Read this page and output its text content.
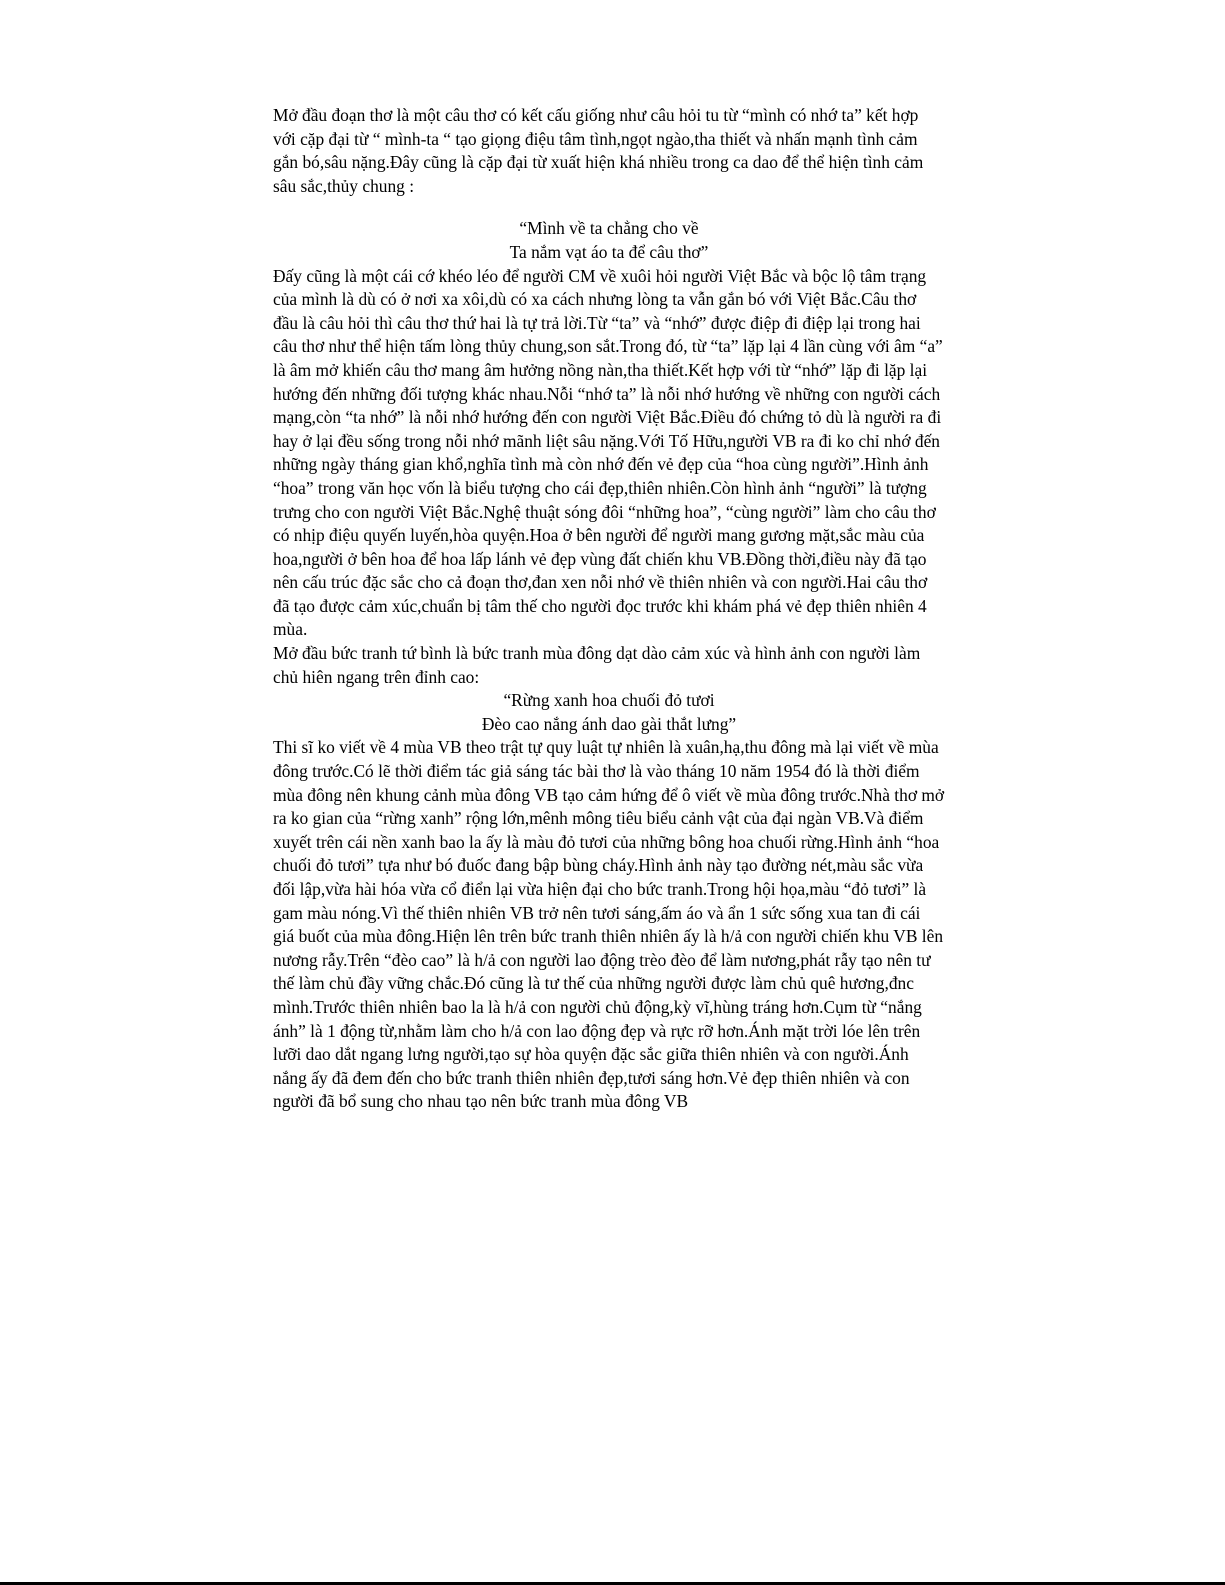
Mở đầu đoạn thơ là một câu thơ có kết cấu giống như câu hỏi tu từ “mình có nhớ ta” kết hợp với cặp đại từ “ mình-ta “ tạo giọng điệu tâm tình,ngọt ngào,tha thiết và nhấn mạnh tình cảm gắn bó,sâu nặng.Đây cũng là cặp đại từ xuất hiện khá nhiều trong ca dao để thể hiện tình cảm sâu sắc,thủy chung :

“Mình về ta chẳng cho về

Ta nắm vạt áo ta để câu thơ”

Đấy cũng là một cái cớ khéo léo để người CM về xuôi hỏi người Việt Bắc và bộc lộ tâm trạng của mình là dù có ở nơi xa xôi,dù có xa cách nhưng lòng ta vẫn gắn bó với Việt Bắc.Câu thơ đầu là câu hỏi thì câu thơ thứ hai là tự trả lời.Từ “ta” và “nhớ” được điệp đi điệp lại trong hai câu thơ như thể hiện tấm lòng thủy chung,son sắt.Trong đó, từ “ta” lặp lại 4 lần cùng với âm “a” là âm mở khiến câu thơ mang âm hưởng nồng nàn,tha thiết.Kết hợp với từ “nhớ” lặp đi lặp lại hướng đến những đối tượng khác nhau.Nỗi “nhớ ta” là nỗi nhớ hướng về những con người cách mạng,còn “ta nhớ” là nỗi nhớ hướng đến con người Việt Bắc.Điều đó chứng tỏ dù là người ra đi hay ở lại đều sống trong nỗi nhớ mãnh liệt sâu nặng.Với Tố Hữu,người VB ra đi ko chỉ nhớ đến những ngày tháng gian khổ,nghĩa tình mà còn nhớ đến vẻ đẹp của “hoa cùng người”.Hình ảnh “hoa” trong văn học vốn là biểu tượng cho cái đẹp,thiên nhiên.Còn hình ảnh “người” là tượng trưng cho con người Việt Bắc.Nghệ thuật sóng đôi “những hoa”, “cùng người” làm cho câu thơ có nhịp điệu quyến luyến,hòa quyện.Hoa ở bên người để người mang gương mặt,sắc màu của hoa,người ở bên hoa để hoa lấp lánh vẻ đẹp vùng đất chiến khu VB.Đồng thời,điều này đã tạo nên cấu trúc đặc sắc cho cả đoạn thơ,đan xen nỗi nhớ về thiên nhiên và con người.Hai câu thơ đã tạo được cảm xúc,chuẩn bị tâm thế cho người đọc trước khi khám phá vẻ đẹp thiên nhiên 4 mùa.

Mở đầu bức tranh tứ bình là bức tranh mùa đông dạt dào cảm xúc và hình ảnh con người làm chủ hiên ngang trên đỉnh cao:

“Rừng xanh hoa chuối đỏ tươi

Đèo cao nắng ánh dao gài thắt lưng”

Thi sĩ ko viết về 4 mùa VB theo trật tự quy luật tự nhiên là xuân,hạ,thu đông mà lại viết về mùa đông trước.Có lẽ thời điểm tác giả sáng tác bài thơ là vào tháng 10 năm 1954 đó là thời điểm mùa đông nên khung cảnh mùa đông VB tạo cảm hứng để ô viết về mùa đông trước.Nhà thơ mở ra ko gian của “rừng xanh” rộng lớn,mênh mông tiêu biểu cảnh vật của đại ngàn VB.Và điểm xuyết trên cái nền xanh bao la ấy là màu đỏ tươi của những bông hoa chuối rừng.Hình ảnh “hoa chuối đỏ tươi” tựa như bó đuốc đang bập bùng cháy.Hình ảnh này tạo đường nét,màu sắc vừa đối lập,vừa hài hóa vừa cổ điển lại vừa hiện đại cho bức tranh.Trong hội họa,màu “đỏ tươi” là gam màu nóng.Vì thế thiên nhiên VB trở nên tươi sáng,ấm áo và ẩn 1 sức sống xua tan đi cái giá buốt của mùa đông.Hiện lên trên bức tranh thiên nhiên ấy là h/ả con người chiến khu VB lên nương rẫy.Trên “đèo cao” là h/ả con người lao động trèo đèo để làm nương,phát rẫy tạo nên tư thế làm chủ đầy vững chắc.Đó cũng là tư thế của những người được làm chủ quê hương,đnc mình.Trước thiên nhiên bao la là h/ả con người chủ động,kỳ vĩ,hùng tráng hơn.Cụm từ “nắng ánh” là 1 động từ,nhằm làm cho h/ả con lao động đẹp và rực rỡ hơn.Ánh mặt trời lóe lên trên lưỡi dao dắt ngang lưng người,tạo sự hòa quyện đặc sắc giữa thiên nhiên và con người.Ánh nắng ấy đã đem đến cho bức tranh thiên nhiên đẹp,tươi sáng hơn.Vẻ đẹp thiên nhiên và con người đã bổ sung cho nhau tạo nên bức tranh mùa đông VB
